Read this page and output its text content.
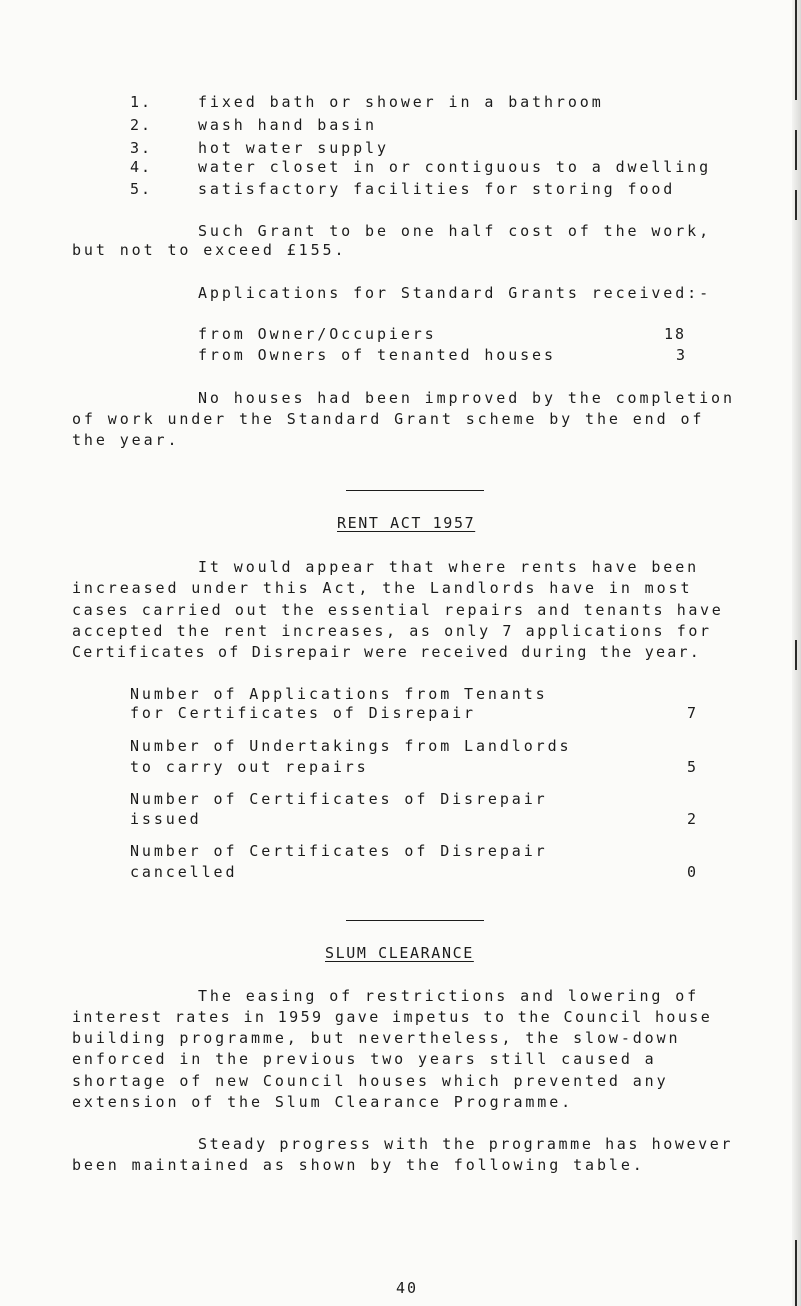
1.	fixed bath or shower in a bathroom
2.	wash hand basin
3.	hot water supply
4.	water closet in or contiguous to a dwelling
5.	satisfactory facilities for storing food
Such Grant to be one half cost of the work,
but not to exceed £155.
Applications for Standard Grants received:-
from Owner/Occupiers	18
from Owners of tenanted houses	3
No houses had been improved by the completion
of work under the Standard Grant scheme by the end of
the year.
RENT ACT 1957
It would appear that where rents have been
increased under this Act, the Landlords have in most
cases carried out the essential repairs and tenants have
accepted the rent increases, as only 7 applications for
Certificates of Disrepair were received during the year.
Number of Applications from Tenants
for Certificates of Disrepair	7
Number of Undertakings from Landlords
to carry out repairs	5
Number of Certificates of Disrepair
issued	2
Number of Certificates of Disrepair
cancelled	0
SLUM CLEARANCE
The easing of restrictions and lowering of
interest rates in 1959 gave impetus to the Council house
building programme, but nevertheless, the slow-down
enforced in the previous two years still caused a
shortage of new Council houses which prevented any
extension of the Slum Clearance Programme.
Steady progress with the programme has however
been maintained as shown by the following table.
40
